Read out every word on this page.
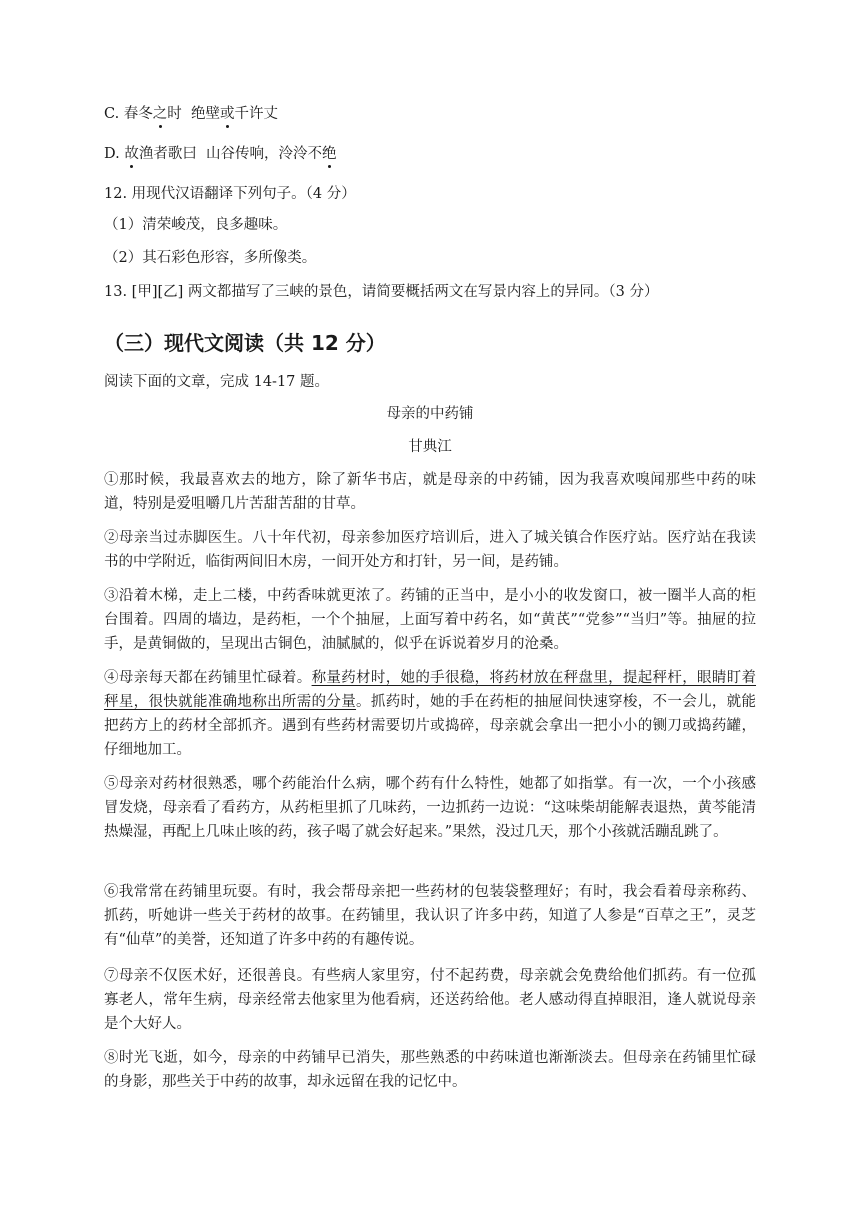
C. 春冬之时  绝壁或千许丈
D. 故渔者歌曰  山谷传响，泠泠不绝
12. 用现代汉语翻译下列句子。（4 分）
（1）清荣峻茂，良多趣味。
（2）其石彩色形容，多所像类。
13. [甲][乙] 两文都描写了三峡的景色，请简要概括两文在写景内容上的异同。（3 分）
（三）现代文阅读（共 12 分）
阅读下面的文章，完成 14-17 题。
母亲的中药铺
甘典江
①那时候，我最喜欢去的地方，除了新华书店，就是母亲的中药铺，因为我喜欢嗅闻那些中药的味道，特别是爱咀嚼几片苦甜苦甜的甘草。
②母亲当过赤脚医生。八十年代初，母亲参加医疗培训后，进入了城关镇合作医疗站。医疗站在我读书的中学附近，临街两间旧木房，一间开处方和打针，另一间，是药铺。
③沿着木梯，走上二楼，中药香味就更浓了。药铺的正当中，是小小的收发窗口，被一圈半人高的柜台围着。四周的墙边，是药柜，一个个抽屉，上面写着中药名，如“黄芪”“党参”“当归”等。抽屉的拉手，是黄铜做的，呈现出古铜色，油腻腻的，似乎在诉说着岁月的沧桑。
④母亲每天都在药铺里忙碌着。称量药材时，她的手很稳，将药材放在秤盘里，提起秤杆，眼睛盯着秤星，很快就能准确地称出所需的分量。抓药时，她的手在药柜的抽屉间快速穿梭，不一会儿，就能把药方上的药材全部抓齐。遇到有些药材需要切片或捣碎，母亲就会拿出一把小小的铡刀或捣药罐，仔细地加工。
⑤母亲对药材很熟悉，哪个药能治什么病，哪个药有什么特性，她都了如指掌。有一次，一个小孩感冒发烧，母亲看了看药方，从药柜里抓了几味药，一边抓药一边说：“这味柴胡能解表退热，黄芩能清热燥湿，再配上几味止咳的药，孩子喝了就会好起来。”果然，没过几天，那个小孩就活蹦乱跳了。
⑥我常常在药铺里玩耍。有时，我会帮母亲把一些药材的包装袋整理好；有时，我会看着母亲称药、抓药，听她讲一些关于药材的故事。在药铺里，我认识了许多中药，知道了人参是“百草之王”，灵芝有“仙草”的美誉，还知道了许多中药的有趣传说。
⑦母亲不仅医术好，还很善良。有些病人家里穷，付不起药费，母亲就会免费给他们抓药。有一位孤寡老人，常年生病，母亲经常去他家里为他看病，还送药给他。老人感动得直掉眼泪，逢人就说母亲是个大好人。
⑧时光飞逝，如今，母亲的中药铺早已消失，那些熟悉的中药味道也渐渐淡去。但母亲在药铺里忙碌的身影，那些关于中药的故事，却永远留在我的记忆中。
